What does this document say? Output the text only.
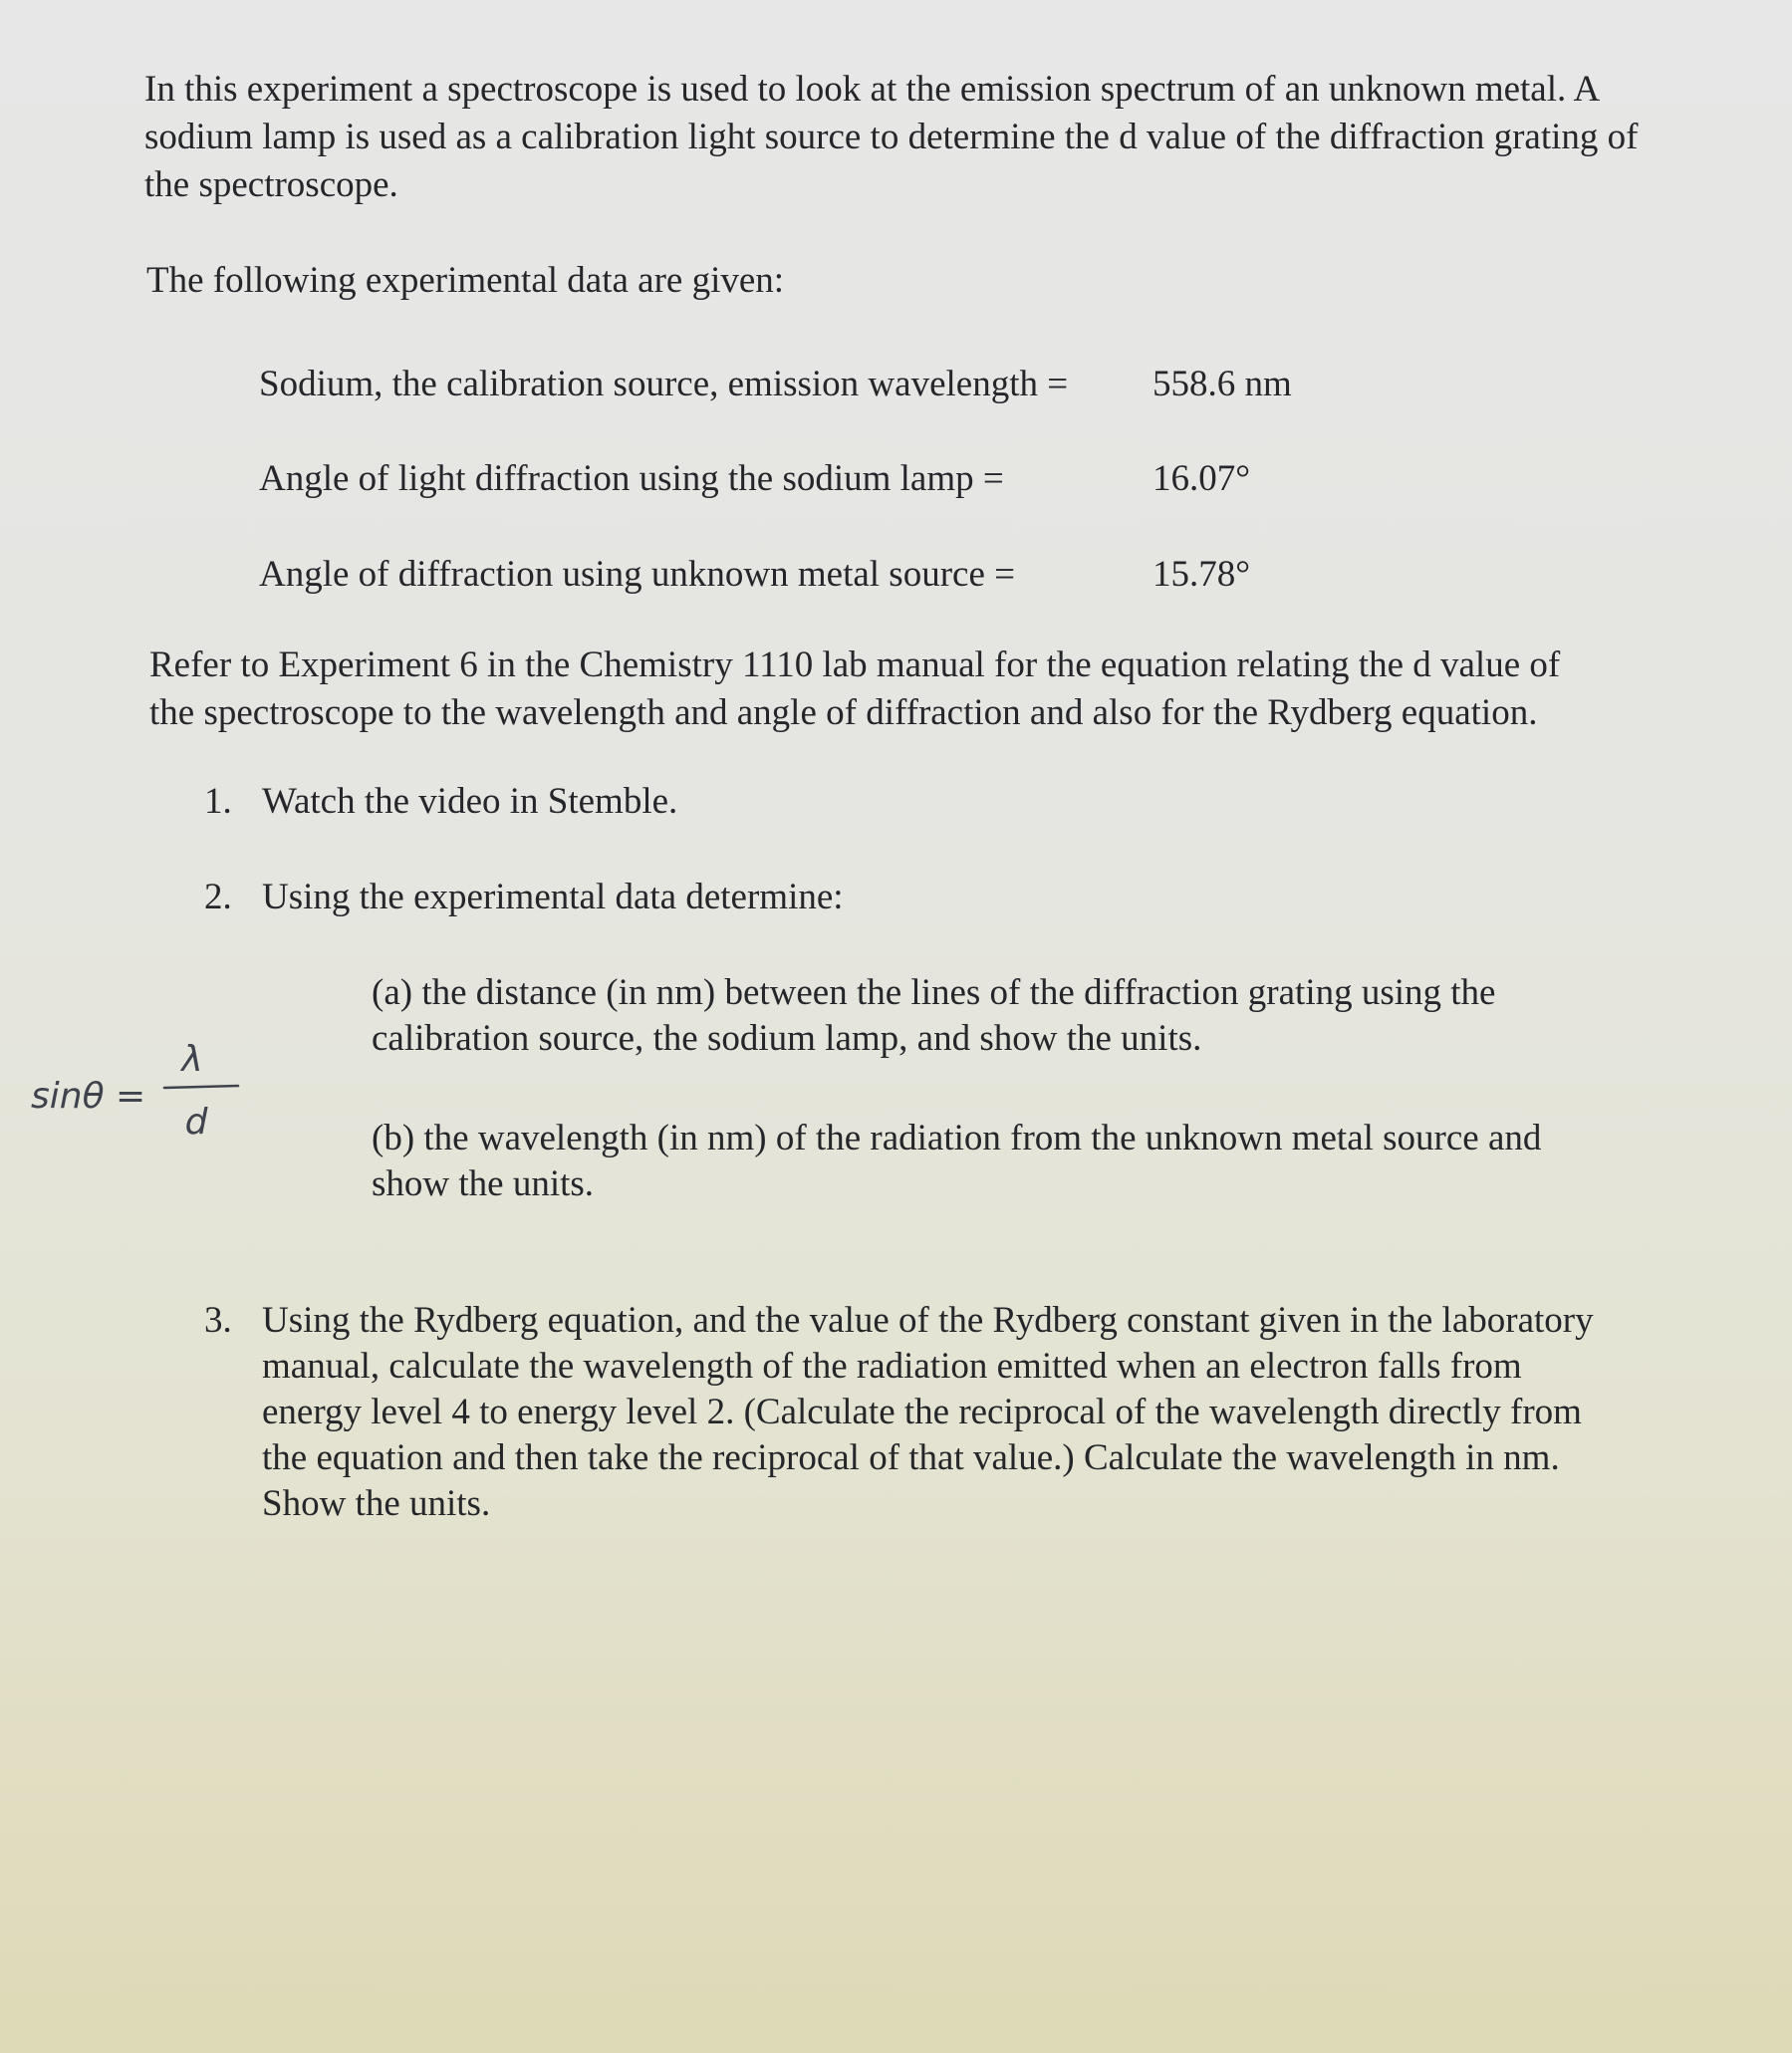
In this experiment a spectroscope is used to look at the emission spectrum of an unknown metal. A sodium lamp is used as a calibration light source to determine the d value of the diffraction grating of the spectroscope.

The following experimental data are given:

Sodium, the calibration source, emission wavelength = 558.6 nm
Angle of light diffraction using the sodium lamp =	16.07°
Angle of diffraction using unknown metal source =	15.78°

Refer to Experiment 6 in the Chemistry 1110 lab manual for the equation relating the d value of the spectroscope to the wavelength and angle of diffraction and also for the Rydberg equation.

1. Watch the video in Stemble.
2. Using the experimental data determine:

(a) the distance (in nm) between the lines of the diffraction grating using the calibration source, the sodium lamp, and show the units.

sinθ =
λ
d	(b) the wavelength (in nm) of the radiation from the unknown metal source and show the units.

3. Using the Rydberg equation, and the value of the Rydberg constant given in the laboratory manual, calculate the wavelength of the radiation emitted when an electron falls from energy level 4 to energy level 2. (Calculate the reciprocal of the wavelength directly from the equation and then take the reciprocal of that value.) Calculate the wavelength in nm. Show the units.
